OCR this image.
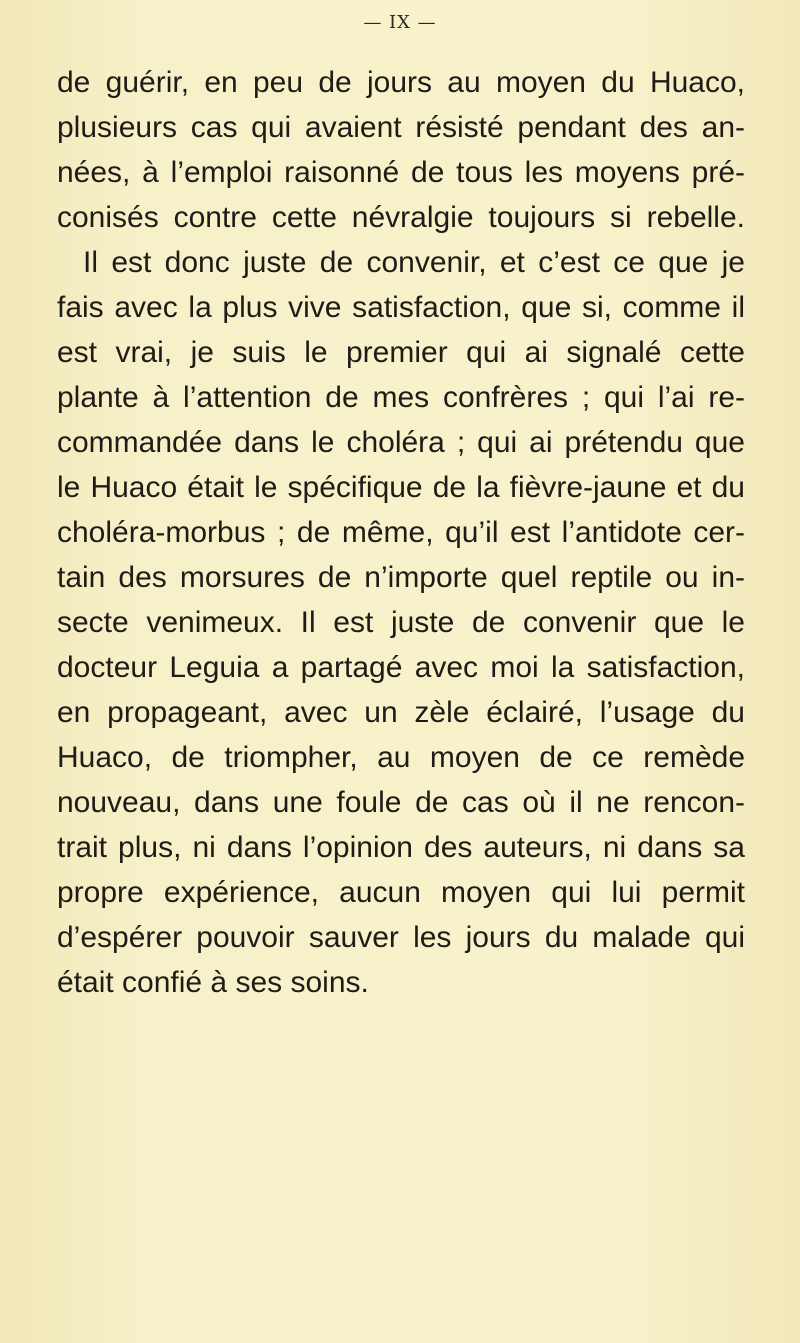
— IX —
de guérir, en peu de jours au moyen du Huaco,
plusieurs cas qui avaient résisté pendant des an-
nées, à l’emploi raisonné de tous les moyens pré-
conisés contre cette névralgie toujours si rebelle.
Il est donc juste de convenir, et c’est ce que je
fais avec la plus vive satisfaction, que si, comme il
est vrai, je suis le premier qui ai signalé cette
plante à l’attention de mes confrères ; qui l’ai re-
commandée dans le choléra ; qui ai prétendu que
le Huaco était le spécifique de la fièvre-jaune et du
choléra-morbus ; de même, qu’il est l’antidote cer-
tain des morsures de n’importe quel reptile ou in-
secte venimeux. Il est juste de convenir que le
docteur Leguia a partagé avec moi la satisfaction,
en propageant, avec un zèle éclairé, l’usage du
Huaco, de triompher, au moyen de ce remède
nouveau, dans une foule de cas où il ne rencon-
trait plus, ni dans l’opinion des auteurs, ni dans sa
propre expérience, aucun moyen qui lui permit
d’espérer pouvoir sauver les jours du malade qui
était confié à ses soins.
